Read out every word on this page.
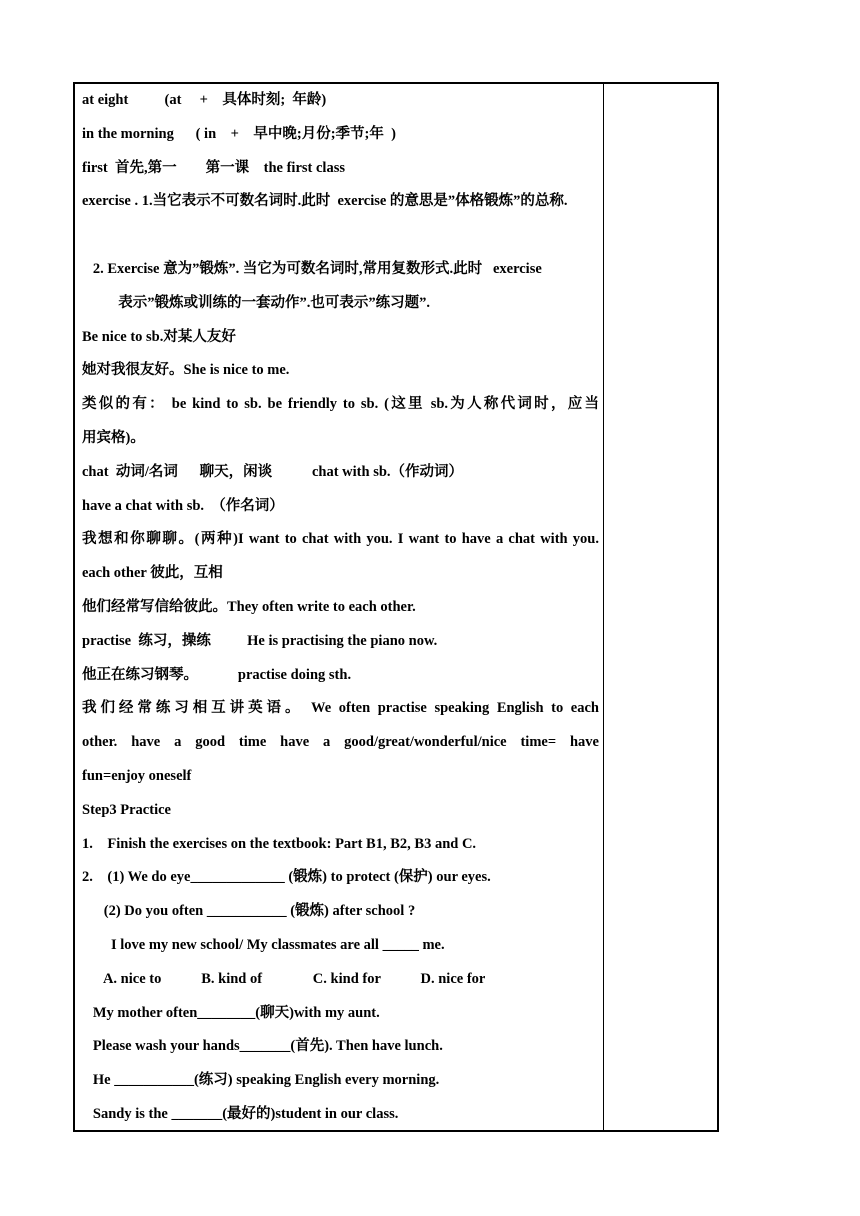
at eight          (at     +    具体时刻;  年龄)
in the morning      ( in    +    早中晚;月份;季节;年  )
first  首先,第一        第一课    the first class
exercise . 1.当它表示不可数名词时.此时  exercise 的意思是”体格锻炼”的总称.
2. Exercise 意为”锻炼”. 当它为可数名词时,常用复数形式.此时   exercise
表示”锻炼或训练的一套动作”.也可表示”练习题”.
Be nice to sb.对某人友好
她对我很友好。She is nice to me.
类似的有： be kind to sb. be friendly to sb. (这里 sb.为人称代词时，应当
用宾格)。
chat  动词/名词      聊天，闲谈           chat with sb.（作动词）
have a chat with sb.  （作名词）
我想和你聊聊。(两种)I want to chat with you. I want to have a chat with you.
each other 彼此，互相
他们经常写信给彼此。They often write to each other.
practise  练习，操练          He is practising the piano now.
他正在练习钢琴。           practise doing sth.
我们经常练习相互讲英语。 We often practise speaking English to each
other. have a good time have a good/great/wonderful/nice time= have
fun=enjoy oneself
Step3 Practice
1.    Finish the exercises on the textbook: Part B1, B2, B3 and C.
2.    (1) We do eye_____________ (锻炼) to protect (保护) our eyes.
(2) Do you often ___________ (锻炼) after school ?
I love my new school/ My classmates are all _____ me.
A. nice to           B. kind of              C. kind for           D. nice for
My mother often________(聊天)with my aunt.
Please wash your hands_______(首先). Then have lunch.
He ___________(练习) speaking English every morning.
Sandy is the _______(最好的)student in our class.
